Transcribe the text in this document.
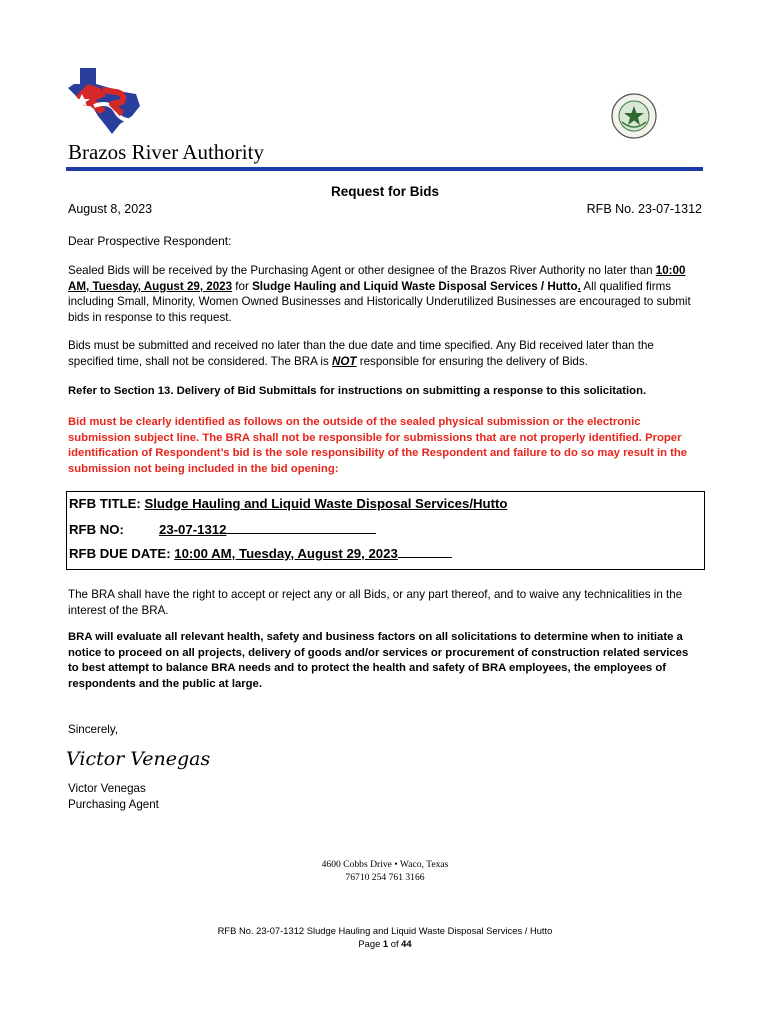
Brazos River Authority
Request for Bids
August 8, 2023	RFB No. 23-07-1312
Dear Prospective Respondent:
Sealed Bids will be received by the Purchasing Agent or other designee of the Brazos River Authority no later than 10:00 AM, Tuesday, August 29, 2023 for Sludge Hauling and Liquid Waste Disposal Services / Hutto. All qualified firms including Small, Minority, Women Owned Businesses and Historically Underutilized Businesses are encouraged to submit bids in response to this request.
Bids must be submitted and received no later than the due date and time specified. Any Bid received later than the specified time, shall not be considered. The BRA is NOT responsible for ensuring the delivery of Bids.
Refer to Section 13. Delivery of Bid Submittals for instructions on submitting a response to this solicitation.
Bid must be clearly identified as follows on the outside of the sealed physical submission or the electronic submission subject line. The BRA shall not be responsible for submissions that are not properly identified. Proper identification of Respondent’s bid is the sole responsibility of the Respondent and failure to do so may result in the submission not being included in the bid opening:
RFB TITLE: Sludge Hauling and Liquid Waste Disposal Services/Hutto
RFB NO:	23-07-1312
RFB DUE DATE: 10:00 AM, Tuesday, August 29, 2023
The BRA shall have the right to accept or reject any or all Bids, or any part thereof, and to waive any technicalities in the interest of the BRA.
BRA will evaluate all relevant health, safety and business factors on all solicitations to determine when to initiate a notice to proceed on all projects, delivery of goods and/or services or procurement of construction related services to best attempt to balance BRA needs and to protect the health and safety of BRA employees, the employees of respondents and the public at large.
Sincerely,
Victor Venegas
Victor Venegas
Purchasing Agent
4600 Cobbs Drive • Waco, Texas
76710 254 761 3166
RFB No. 23-07-1312 Sludge Hauling and Liquid Waste Disposal Services / Hutto
Page 1 of 44
